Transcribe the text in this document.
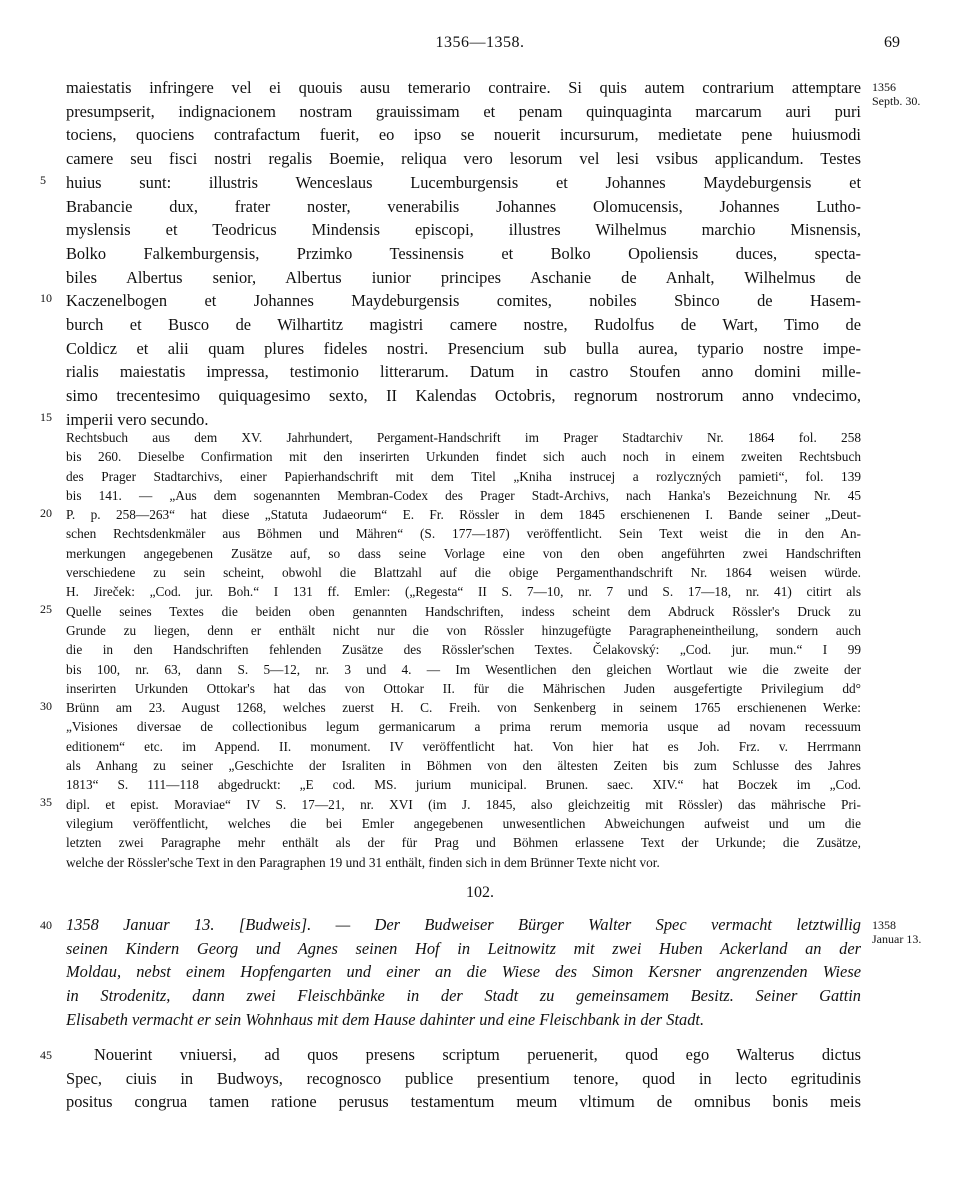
1356—1358.	69
1356
Septb. 30.
1358
Januar 13.
5
10
15
20
25
30
35
40
45
maiestatis infringere vel ei quouis ausu temerario contraire. Si quis autem contrarium attemptare
presumpserit, indignacionem nostram grauissimam et penam quinquaginta marcarum auri puri
tociens, quociens contrafactum fuerit, eo ipso se nouerit incursurum, medietate pene huiusmodi
camere seu fisci nostri regalis Boemie, reliqua vero lesorum vel lesi vsibus applicandum. Testes
huius sunt: illustris Wenceslaus Lucemburgensis et Johannes Maydeburgensis et
Brabancie dux, frater noster, venerabilis Johannes Olomucensis, Johannes Lutho-
myslensis et Teodricus Mindensis episcopi, illustres Wilhelmus marchio Misnensis,
Bolko Falkemburgensis, Przimko Tessinensis et Bolko Opoliensis duces, specta-
biles Albertus senior, Albertus iunior principes Aschanie de Anhalt, Wilhelmus de
Kaczenelbogen et Johannes Maydeburgensis comites, nobiles Sbinco de Hasem-
burch et Busco de Wilhartitz magistri camere nostre, Rudolfus de Wart, Timo de
Coldicz et alii quam plures fideles nostri. Presencium sub bulla aurea, typario nostre impe-
rialis maiestatis impressa, testimonio litterarum. Datum in castro Stoufen anno domini mille-
simo trecentesimo quiquagesimo sexto, II Kalendas Octobris, regnorum nostrorum anno vndecimo,
imperii vero secundo.
Rechtsbuch aus dem XV. Jahrhundert, Pergament-Handschrift im Prager Stadtarchiv Nr. 1864 fol. 258
bis 260. Dieselbe Confirmation mit den inserirten Urkunden findet sich auch noch in einem zweiten Rechtsbuch
des Prager Stadtarchivs, einer Papierhandschrift mit dem Titel „Kniha instrucej a rozlyczných pamieti“, fol. 139
bis 141. — „Aus dem sogenannten Membran-Codex des Prager Stadt-Archivs, nach Hanka's Bezeichnung Nr. 45
P. p. 258—263“ hat diese „Statuta Judaeorum“ E. Fr. Rössler in dem 1845 erschienenen I. Bande seiner „Deut-
schen Rechtsdenkmäler aus Böhmen und Mähren“ (S. 177—187) veröffentlicht. Sein Text weist die in den An-
merkungen angegebenen Zusätze auf, so dass seine Vorlage eine von den oben angeführten zwei Handschriften
verschiedene zu sein scheint, obwohl die Blattzahl auf die obige Pergamenthandschrift Nr. 1864 weisen würde.
H. Jireček: „Cod. jur. Boh.“ I 131 ff. Emler: („Regesta“ II S. 7—10, nr. 7 und S. 17—18, nr. 41) citirt als
Quelle seines Textes die beiden oben genannten Handschriften, indess scheint dem Abdruck Rössler's Druck zu
Grunde zu liegen, denn er enthält nicht nur die von Rössler hinzugefügte Paragrapheneintheilung, sondern auch
die in den Handschriften fehlenden Zusätze des Rössler'schen Textes. Čelakovský: „Cod. jur. mun.“ I 99
bis 100, nr. 63, dann S. 5—12, nr. 3 und 4. — Im Wesentlichen den gleichen Wortlaut wie die zweite der
inserirten Urkunden Ottokar's hat das von Ottokar II. für die Mährischen Juden ausgefertigte Privilegium dd°
Brünn am 23. August 1268, welches zuerst H. C. Freih. von Senkenberg in seinem 1765 erschienenen Werke:
„Visiones diversae de collectionibus legum germanicarum a prima rerum memoria usque ad novam recessuum
editionem“ etc. im Append. II. monument. IV veröffentlicht hat. Von hier hat es Joh. Frz. v. Herrmann
als Anhang zu seiner „Geschichte der Israliten in Böhmen von den ältesten Zeiten bis zum Schlusse des Jahres
1813“ S. 111—118 abgedruckt: „E cod. MS. jurium municipal. Brunen. saec. XIV.“ hat Boczek im „Cod.
dipl. et epist. Moraviae“ IV S. 17—21, nr. XVI (im J. 1845, also gleichzeitig mit Rössler) das mährische Pri-
vilegium veröffentlicht, welches die bei Emler angegebenen unwesentlichen Abweichungen aufweist und um die
letzten zwei Paragraphe mehr enthält als der für Prag und Böhmen erlassene Text der Urkunde; die Zusätze,
welche der Rössler'sche Text in den Paragraphen 19 und 31 enthält, finden sich in dem Brünner Texte nicht vor.
102.
1358 Januar 13. [Budweis]. — Der Budweiser Bürger Walter Spec vermacht letztwillig
seinen Kindern Georg und Agnes seinen Hof in Leitnowitz mit zwei Huben Ackerland an der
Moldau, nebst einem Hopfengarten und einer an die Wiese des Simon Kersner angrenzenden Wiese
in Strodenitz, dann zwei Fleischbänke in der Stadt zu gemeinsamem Besitz. Seiner Gattin
Elisabeth vermacht er sein Wohnhaus mit dem Hause dahinter und eine Fleischbank in der Stadt.
Nouerint vniuersi, ad quos presens scriptum peruenerit, quod ego Walterus dictus
Spec, ciuis in Budwoys, recognosco publice presentium tenore, quod in lecto egritudinis
positus congrua tamen ratione perusus testamentum meum vltimum de omnibus bonis meis
